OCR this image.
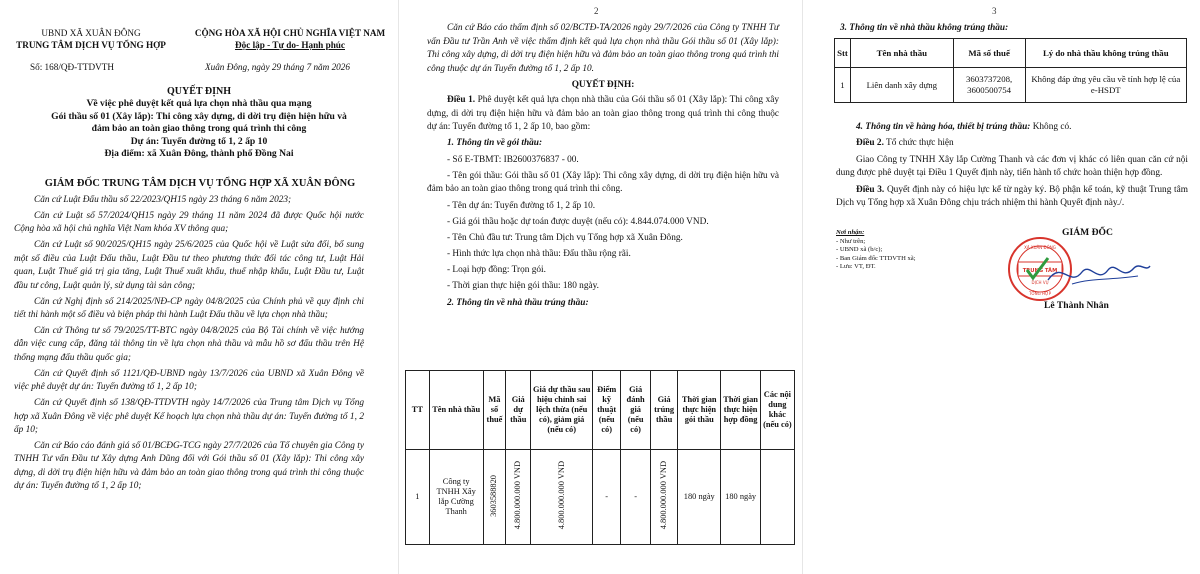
UBND XÃ XUÂN ĐÔNG
TRUNG TÂM DỊCH VỤ TỔNG HỢP
CỘNG HÒA XÃ HỘI CHỦ NGHĨA VIỆT NAM
Độc lập - Tự do- Hạnh phúc
Số: 168/QĐ-TTDVTH	Xuân Đông, ngày 29 tháng 7 năm 2026
QUYẾT ĐỊNH
Về việc phê duyệt kết quả lựa chọn nhà thầu qua mạng
Gói thầu số 01 (Xây lắp): Thi công xây dựng, di dời trụ điện hiện hữu và
đảm bảo an toàn giao thông trong quá trình thi công
Dự án: Tuyến đường tổ 1, 2 ấp 10
Địa điểm: xã Xuân Đông, thành phố Đồng Nai
GIÁM ĐỐC TRUNG TÂM DỊCH VỤ TỔNG HỢP XÃ XUÂN ĐÔNG

Căn cứ Luật Đấu thầu số 22/2023/QH15 ngày 23 tháng 6 năm 2023;

Căn cứ Luật số 57/2024/QH15 ngày 29 tháng 11 năm 2024 đã được Quốc hội nước Cộng hòa xã hội chủ nghĩa Việt Nam khóa XV thông qua;

Căn cứ Luật số 90/2025/QH15 ngày 25/6/2025 của Quốc hội về Luật sửa đổi, bổ sung một số điều của Luật Đấu thầu, Luật Đầu tư theo phương thức đối tác công tư, Luật Hải quan, Luật Thuế giá trị gia tăng, Luật Thuế xuất khẩu, thuế nhập khẩu, Luật Đầu tư, Luật đầu tư công, Luật quản lý, sử dụng tài sản công;

Căn cứ Nghị định số 214/2025/NĐ-CP ngày 04/8/2025 của Chính phủ về quy định chi tiết thi hành một số điều và biện pháp thi hành Luật Đấu thầu về lựa chọn nhà thầu;

Căn cứ Thông tư số 79/2025/TT-BTC ngày 04/8/2025 của Bộ Tài chính về việc hướng dẫn việc cung cấp, đăng tải thông tin về lựa chọn nhà thầu và mẫu hồ sơ đấu thầu trên Hệ thống mạng đấu thầu quốc gia;

Căn cứ Quyết định số 1121/QĐ-UBND ngày 13/7/2026 của UBND xã Xuân Đông về việc phê duyệt dự án: Tuyến đường tổ 1, 2 ấp 10;

Căn cứ Quyết định số 138/QĐ-TTDVTH ngày 14/7/2026 của Trung tâm Dịch vụ Tổng hợp xã Xuân Đông về việc phê duyệt Kế hoạch lựa chọn nhà thầu dự án: Tuyến đường tổ 1, 2 ấp 10;

Căn cứ Báo cáo đánh giá số 01/BCĐG-TCG ngày 27/7/2026 của Tổ chuyên gia Công ty TNHH Tư vấn Đầu tư Xây dựng Anh Dũng đối với Gói thầu số 01 (Xây lắp): Thi công xây dựng, di dời trụ điện hiện hữu và đảm bảo an toàn giao thông trong quá trình thi công thuộc dự án: Tuyến đường tổ 1, 2 ấp 10;

2

Căn cứ Báo cáo thẩm định số 02/BCTĐ-TA/2026 ngày 29/7/2026 của Công ty TNHH Tư vấn Đầu tư Trần Anh về việc thẩm định kết quả lựa chọn nhà thầu Gói thầu số 01 (Xây lắp): Thi công xây dựng, di dời trụ điện hiện hữu và đảm bảo an toàn giao thông trong quá trình thi công thuộc dự án Tuyến đường tổ 1, 2 ấp 10.

QUYẾT ĐỊNH:

Điều 1. Phê duyệt kết quả lựa chọn nhà thầu của Gói thầu số 01 (Xây lắp): Thi công xây dựng, di dời trụ điện hiện hữu và đảm bảo an toàn giao thông trong quá trình thi công thuộc dự án: Tuyến đường tổ 1, 2 ấp 10, bao gồm:

1. Thông tin về gói thầu:

- Số E-TBMT: IB2600376837 - 00.

- Tên gói thầu: Gói thầu số 01 (Xây lắp): Thi công xây dựng, di dời trụ điện hiện hữu và đảm bảo an toàn giao thông trong quá trình thi công.

- Tên dự án: Tuyến đường tổ 1, 2 ấp 10.

- Giá gói thầu hoặc dự toán được duyệt (nếu có): 4.844.074.000 VND.

- Tên Chủ đầu tư: Trung tâm Dịch vụ Tổng hợp xã Xuân Đông.

- Hình thức lựa chọn nhà thầu: Đấu thầu rộng rãi.

- Loại hợp đồng: Trọn gói.

- Thời gian thực hiện gói thầu: 180 ngày.

2. Thông tin về nhà thầu trúng thầu:

TT	Tên nhà thầu	Mã số thuế	Giá dự thầu	Giá dự thầu sau hiệu chỉnh sai lệch thừa (nếu có), giảm giá (nếu có)	Điểm kỹ thuật (nếu có)	Giá đánh giá (nếu có)	Giá trúng thầu	Thời gian thực hiện gói thầu	Thời gian thực hiện hợp đồng	Các nội dung khác (nếu có)
1	Công ty TNHH Xây lắp Cường Thanh	3603588820	4.800.000.000 VND	4.800.000.000 VND	-	-	4.800.000.000 VND	180 ngày	180 ngày	
3
3. Thông tin về nhà thầu không trúng thầu:
Stt	Tên nhà thầu	Mã số thuế	Lý do nhà thầu không trúng thầu
1	Liên danh xây dựng	3603737208, 3600500754	Không đáp ứng yêu cầu về tính hợp lệ của e-HSDT

4. Thông tin về hàng hóa, thiết bị trúng thầu: Không có.

Điều 2. Tổ chức thực hiện

Giao Công ty TNHH Xây lắp Cường Thanh và các đơn vị khác có liên quan căn cứ nội dung được phê duyệt tại Điều 1 Quyết định này, tiến hành tổ chức hoàn thiện hợp đồng.

Điều 3. Quyết định này có hiệu lực kể từ ngày ký. Bộ phận kế toán, kỹ thuật Trung tâm Dịch vụ Tổng hợp xã Xuân Đông chịu trách nhiệm thi hành Quyết định này./.

Nơi nhận:
- Như trên;
- UBND xã (b/c);
- Ban Giám đốc TTDVTH xã;
- Lưu: VT, ĐT.
GIÁM ĐỐC
TRUNG TÂM
DỊCH VỤ
XÃ XUÂN ĐÔNG
TỔNG HỢP
Lê Thành Nhân
